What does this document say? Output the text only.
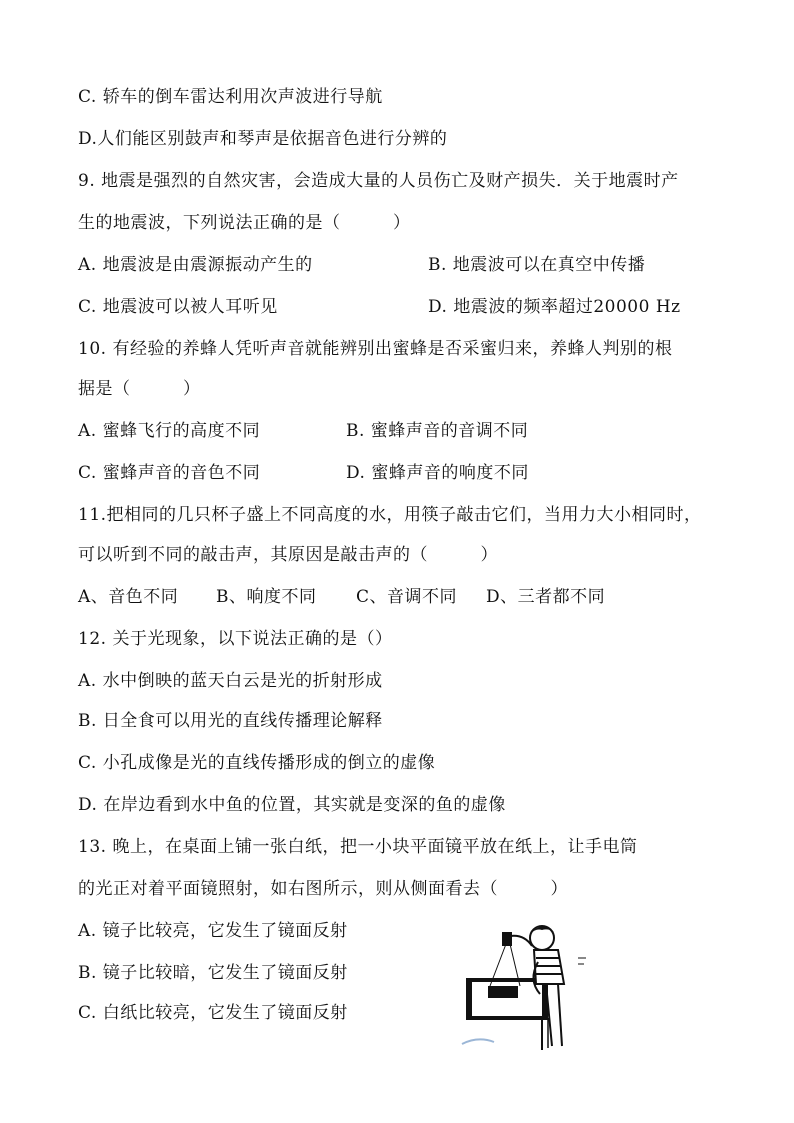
C. 轿车的倒车雷达利用次声波进行导航
D.人们能区别鼓声和琴声是依据音色进行分辨的
9. 地震是强烈的自然灾害，会造成大量的人员伤亡及财产损失．关于地震时产
生的地震波，下列说法正确的是（　　　）
A. 地震波是由震源振动产生的	B. 地震波可以在真空中传播
C. 地震波可以被人耳听见	D. 地震波的频率超过20000 Hz
10. 有经验的养蜂人凭听声音就能辨别出蜜蜂是否采蜜归来，养蜂人判别的根
据是（　　　）
A. 蜜蜂飞行的高度不同	B. 蜜蜂声音的音调不同
C. 蜜蜂声音的音色不同	D. 蜜蜂声音的响度不同
11.把相同的几只杯子盛上不同高度的水，用筷子敲击它们，当用力大小相同时，
可以听到不同的敲击声，其原因是敲击声的（　　　）
A、音色不同 B、响度不同 C、音调不同 D、三者都不同
12. 关于光现象，以下说法正确的是（）
A. 水中倒映的蓝天白云是光的折射形成
B. 日全食可以用光的直线传播理论解释
C. 小孔成像是光的直线传播形成的倒立的虚像
D. 在岸边看到水中鱼的位置，其实就是变深的鱼的虚像
13. 晚上，在桌面上铺一张白纸，把一小块平面镜平放在纸上，让手电筒
的光正对着平面镜照射，如右图所示，则从侧面看去（　　　）
A. 镜子比较亮，它发生了镜面反射
B. 镜子比较暗，它发生了镜面反射
C. 白纸比较亮，它发生了镜面反射
